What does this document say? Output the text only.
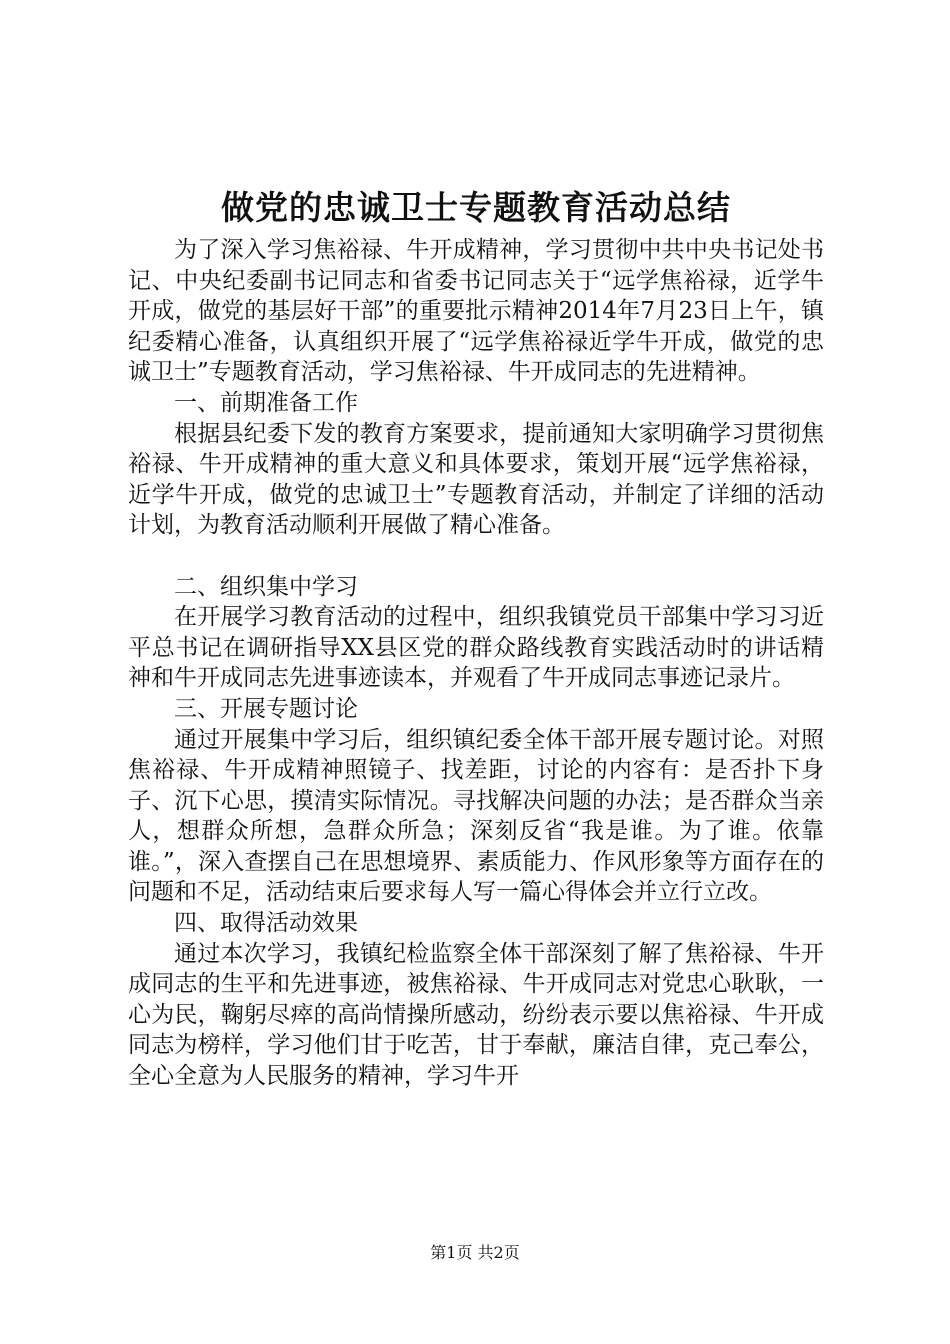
做党的忠诚卫士专题教育活动总结

为了深入学习焦裕禄、牛开成精神，学习贯彻中共中央书记处书记、中央纪委副书记同志和省委书记同志关于“远学焦裕禄，近学牛开成，做党的基层好干部”的重要批示精神2014年7月23日上午，镇纪委精心准备，认真组织开展了“远学焦裕禄近学牛开成，做党的忠诚卫士”专题教育活动，学习焦裕禄、牛开成同志的先进精神。

一、前期准备工作

根据县纪委下发的教育方案要求，提前通知大家明确学习贯彻焦裕禄、牛开成精神的重大意义和具体要求，策划开展“远学焦裕禄，近学牛开成，做党的忠诚卫士”专题教育活动，并制定了详细的活动计划，为教育活动顺利开展做了精心准备。

二、组织集中学习

在开展学习教育活动的过程中，组织我镇党员干部集中学习习近平总书记在调研指导XX县区党的群众路线教育实践活动时的讲话精神和牛开成同志先进事迹读本，并观看了牛开成同志事迹记录片。

三、开展专题讨论

通过开展集中学习后，组织镇纪委全体干部开展专题讨论。对照焦裕禄、牛开成精神照镜子、找差距，讨论的内容有：是否扑下身子、沉下心思，摸清实际情况。寻找解决问题的办法；是否群众当亲人，想群众所想，急群众所急；深刻反省“我是谁。为了谁。依靠谁。”，深入查摆自己在思想境界、素质能力、作风形象等方面存在的问题和不足，活动结束后要求每人写一篇心得体会并立行立改。

四、取得活动效果

通过本次学习，我镇纪检监察全体干部深刻了解了焦裕禄、牛开成同志的生平和先进事迹，被焦裕禄、牛开成同志对党忠心耿耿，一心为民，鞠躬尽瘁的高尚情操所感动，纷纷表示要以焦裕禄、牛开成同志为榜样，学习他们甘于吃苦，甘于奉献，廉洁自律，克己奉公，全心全意为人民服务的精神，学习牛开

第1页 共2页
